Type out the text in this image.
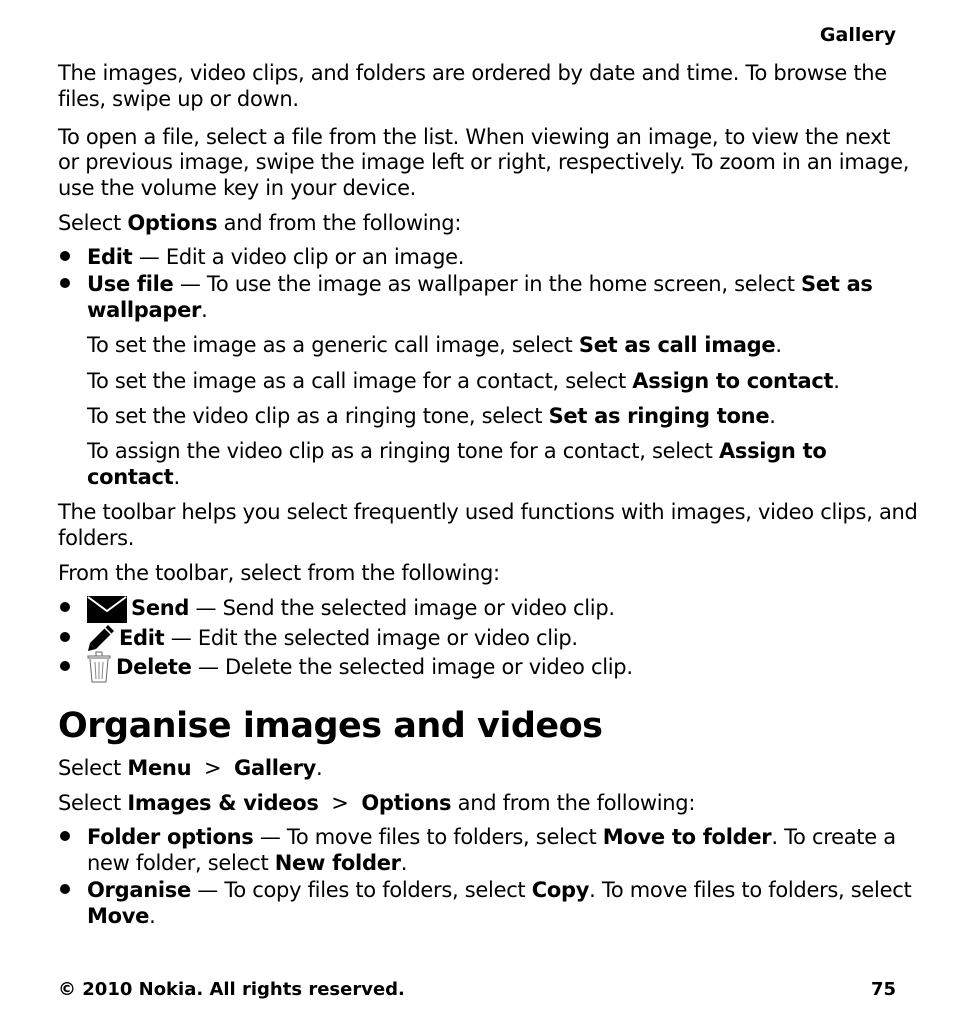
Gallery
The images, video clips, and folders are ordered by date and time. To browse the
files, swipe up or down.
To open a file, select a file from the list. When viewing an image, to view the next
or previous image, swipe the image left or right, respectively. To zoom in an image,
use the volume key in your device.
Select Options and from the following:
Edit — Edit a video clip or an image.
Use file — To use the image as wallpaper in the home screen, select Set as
wallpaper.
To set the image as a generic call image, select Set as call image.
To set the image as a call image for a contact, select Assign to contact.
To set the video clip as a ringing tone, select Set as ringing tone.
To assign the video clip as a ringing tone for a contact, select Assign to
contact.
The toolbar helps you select frequently used functions with images, video clips, and
folders.
From the toolbar, select from the following:
Send — Send the selected image or video clip.
Edit — Edit the selected image or video clip.
Delete — Delete the selected image or video clip.
Organise images and videos
Select Menu  >  Gallery.
Select Images & videos  >  Options and from the following:
Folder options — To move files to folders, select Move to folder. To create a
new folder, select New folder.
Organise — To copy files to folders, select Copy. To move files to folders, select
Move.
© 2010 Nokia. All rights reserved.	75
